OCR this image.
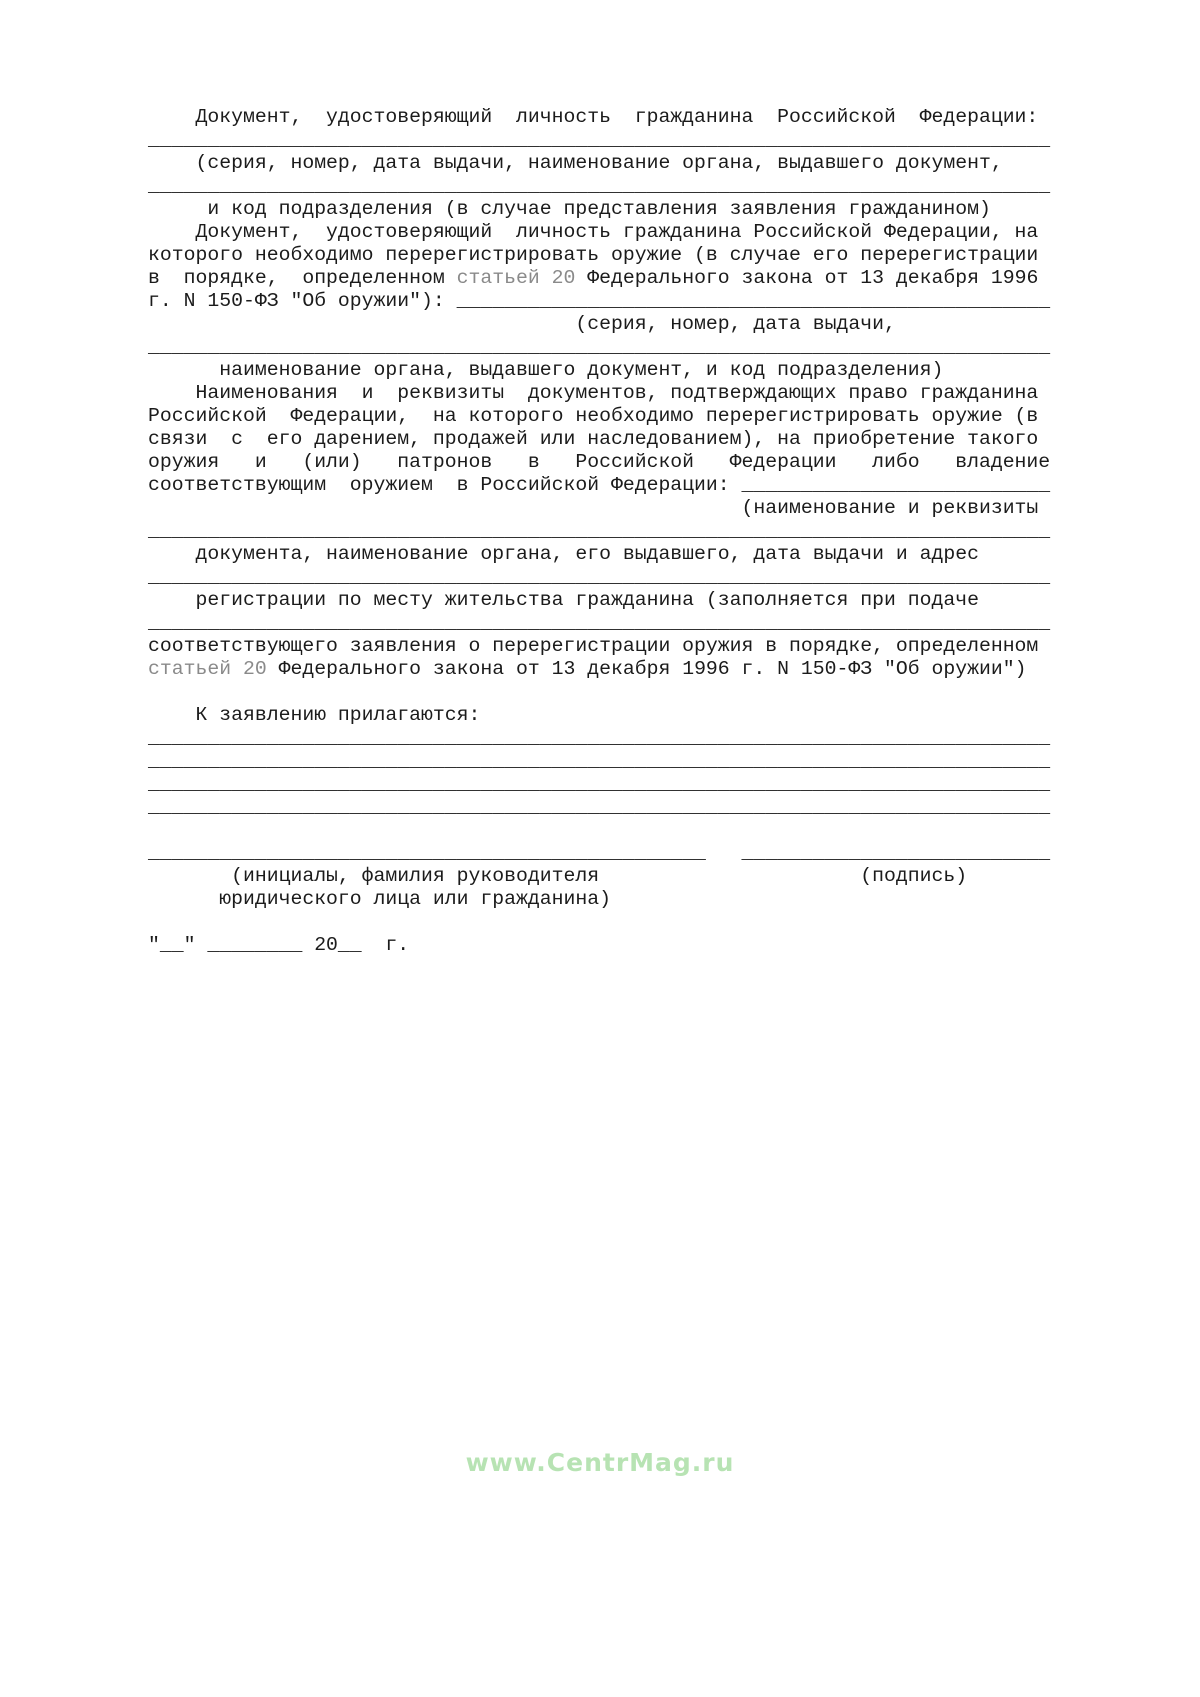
Документ,  удостоверяющий  личность  гражданина  Российской  Федерации:
____________________________________________________________________________
(серия, номер, дата выдачи, наименование органа, выдавшего документ,
____________________________________________________________________________
и код подразделения (в случае представления заявления гражданином)
Документ,  удостоверяющий  личность гражданина Российской Федерации, на
которого необходимо перерегистрировать оружие (в случае его перерегистрации
в  порядке,  определенном статьей 20 Федерального закона от 13 декабря 1996
г. N 150-ФЗ "Об оружии"): __________________________________________________
(серия, номер, дата выдачи,
____________________________________________________________________________
наименование органа, выдавшего документ, и код подразделения)
Наименования  и  реквизиты  документов, подтверждающих право гражданина
Российской  Федерации,  на которого необходимо перерегистрировать оружие (в
связи  с  его дарением, продажей или наследованием), на приобретение такого
оружия   и   (или)   патронов   в   Российской   Федерации   либо   владение
соответствующим  оружием  в Российской Федерации: __________________________
(наименование и реквизиты
____________________________________________________________________________
документа, наименование органа, его выдавшего, дата выдачи и адрес
____________________________________________________________________________
регистрации по месту жительства гражданина (заполняется при подаче
____________________________________________________________________________
соответствующего заявления о перерегистрации оружия в порядке, определенном
статьей 20 Федерального закона от 13 декабря 1996 г. N 150-ФЗ "Об оружии")
К заявлению прилагаются:
____________________________________________________________________________
____________________________________________________________________________
____________________________________________________________________________
____________________________________________________________________________
_______________________________________________   __________________________
(инициалы, фамилия руководителя                      (подпись)
юридического лица или гражданина)
"__" ________ 20__  г.
www.CentrMag.ru
